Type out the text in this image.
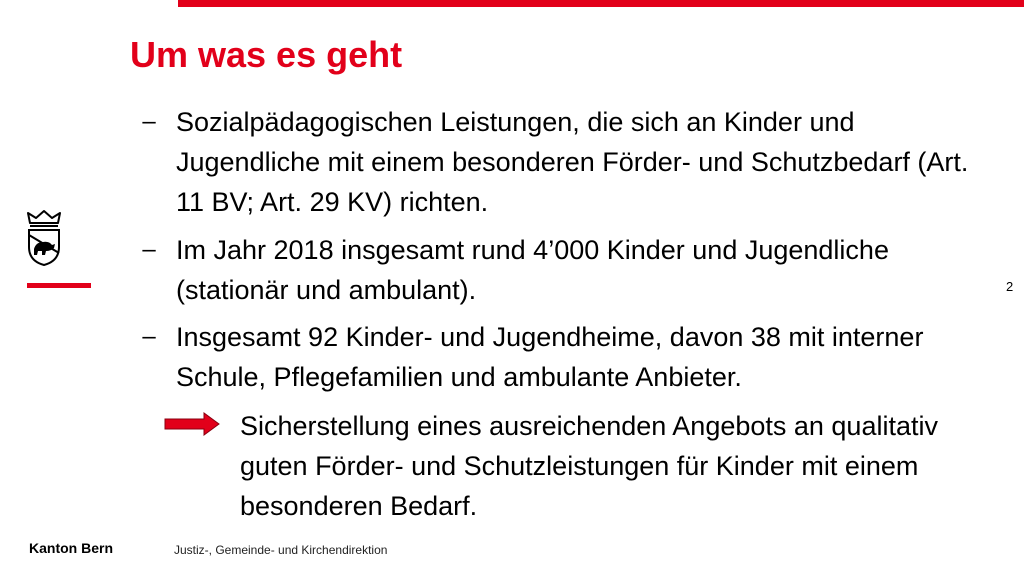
Um was es geht
2
– Sozialpädagogischen Leistungen, die sich an Kinder und Jugendliche mit einem besonderen Förder- und Schutzbedarf (Art. 11 BV; Art. 29 KV) richten.
– Im Jahr 2018 insgesamt rund 4’000 Kinder und Jugendliche (stationär und ambulant).
– Insgesamt 92 Kinder- und Jugendheime, davon 38 mit interner Schule, Pflegefamilien und ambulante Anbieter.
Sicherstellung eines ausreichenden Angebots an qualitativ guten Förder- und Schutzleistungen für Kinder mit einem besonderen Bedarf.
Kanton Bern	Justiz-, Gemeinde- und Kirchendirektion
